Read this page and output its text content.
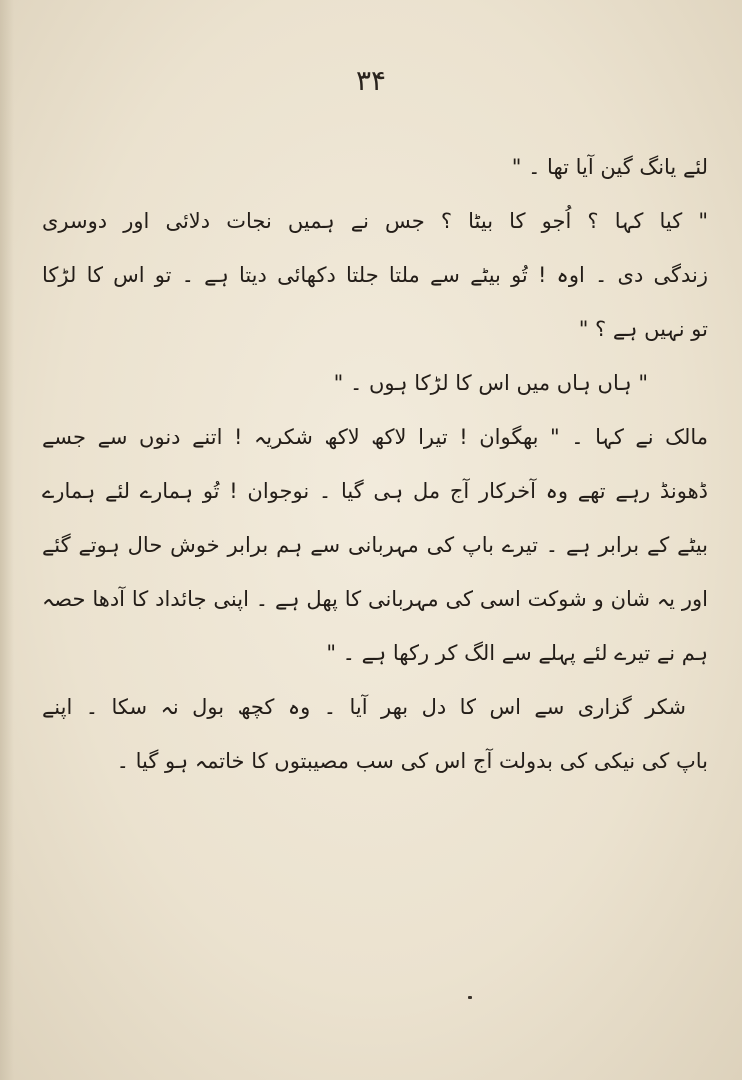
۳۴
لئے یانگ گین آیا تھا ۔ "
" کیا کہا ؟ اُجو کا بیٹا ؟ جس نے ہمیں نجات دلائی اور دوسری
زندگی دی ۔ اوہ ! تُو بیٹے سے ملتا جلتا دکھائی دیتا ہے ۔ تو اس کا لڑکا
تو نہیں ہے ؟ "
" ہاں ہاں میں اس کا لڑکا ہوں ۔ "
مالک نے کہا ۔ " بھگوان ! تیرا لاکھ لاکھ شکریہ ! اتنے دنوں سے جسے
ڈھونڈ رہے تھے وہ آخرکار آج مل ہی گیا ۔ نوجوان ! تُو ہمارے لئے ہمارے
بیٹے کے برابر ہے ۔ تیرے باپ کی مہربانی سے ہم برابر خوش حال ہوتے گئے
اور یہ شان و شوکت اسی کی مہربانی کا پھل ہے ۔ اپنی جائداد کا آدھا حصہ
ہم نے تیرے لئے پہلے سے الگ کر رکھا ہے ۔ "
شکر گزاری سے اس کا دل بھر آیا ۔ وہ کچھ بول نہ سکا ۔ اپنے
باپ کی نیکی کی بدولت آج اس کی سب مصیبتوں کا خاتمہ ہو گیا ۔
